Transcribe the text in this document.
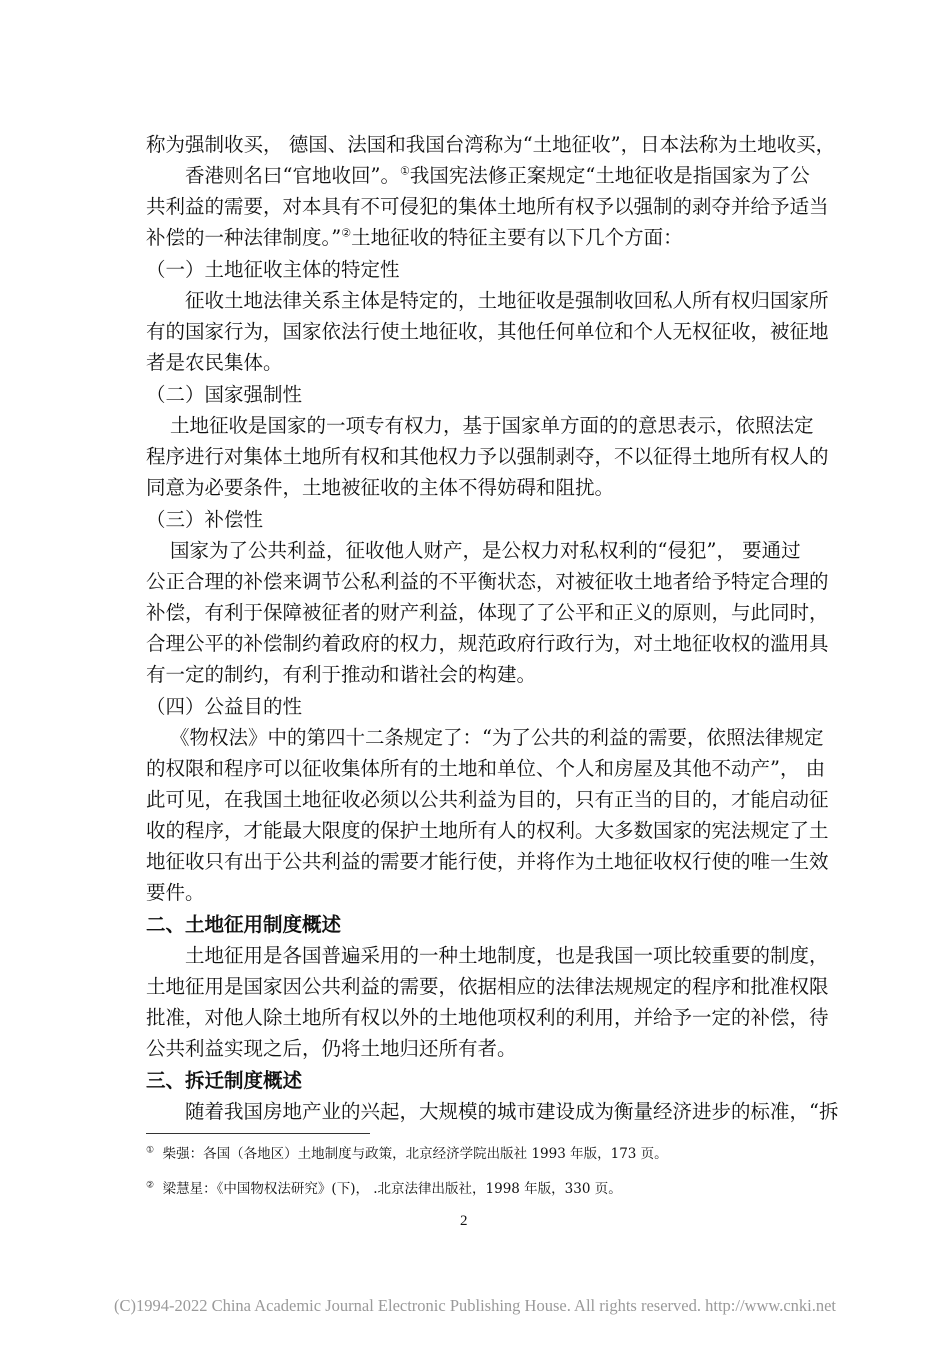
称为强制收买， 德国、法国和我国台湾称为“土地征收”，日本法称为土地收买，
香港则名曰“官地收回”。①我国宪法修正案规定“土地征收是指国家为了公
共利益的需要，对本具有不可侵犯的集体土地所有权予以强制的剥夺并给予适当
补偿的一种法律制度。”②土地征收的特征主要有以下几个方面：
（一）土地征收主体的特定性
征收土地法律关系主体是特定的，土地征收是强制收回私人所有权归国家所
有的国家行为，国家依法行使土地征收，其他任何单位和个人无权征收，被征地
者是农民集体。
（二）国家强制性
土地征收是国家的一项专有权力，基于国家单方面的的意思表示，依照法定
程序进行对集体土地所有权和其他权力予以强制剥夺，不以征得土地所有权人的
同意为必要条件，土地被征收的主体不得妨碍和阻扰。
（三）补偿性
国家为了公共利益，征收他人财产，是公权力对私权利的“侵犯”， 要通过
公正合理的补偿来调节公私利益的不平衡状态，对被征收土地者给予特定合理的
补偿，有利于保障被征者的财产利益，体现了了公平和正义的原则，与此同时，
合理公平的补偿制约着政府的权力，规范政府行政行为，对土地征收权的滥用具
有一定的制约，有利于推动和谐社会的构建。
（四）公益目的性
《物权法》中的第四十二条规定了：“为了公共的利益的需要，依照法律规定
的权限和程序可以征收集体所有的土地和单位、个人和房屋及其他不动产”， 由
此可见，在我国土地征收必须以公共利益为目的，只有正当的目的，才能启动征
收的程序，才能最大限度的保护土地所有人的权利。大多数国家的宪法规定了土
地征收只有出于公共利益的需要才能行使，并将作为土地征收权行使的唯一生效
要件。
二、土地征用制度概述
土地征用是各国普遍采用的一种土地制度，也是我国一项比较重要的制度，
土地征用是国家因公共利益的需要，依据相应的法律法规规定的程序和批准权限
批准，对他人除土地所有权以外的土地他项权利的利用，并给予一定的补偿，待
公共利益实现之后，仍将土地归还所有者。
三、拆迁制度概述
随着我国房地产业的兴起，大规模的城市建设成为衡量经济进步的标准，“拆
① 柴强：各国（各地区）土地制度与政策，北京经济学院出版社 1993 年版，173 页。
② 梁慧星：《中国物权法研究》(下)， .北京法律出版社，1998 年版，330 页。
2
(C)1994-2022 China Academic Journal Electronic Publishing House. All rights reserved. http://www.cnki.net
